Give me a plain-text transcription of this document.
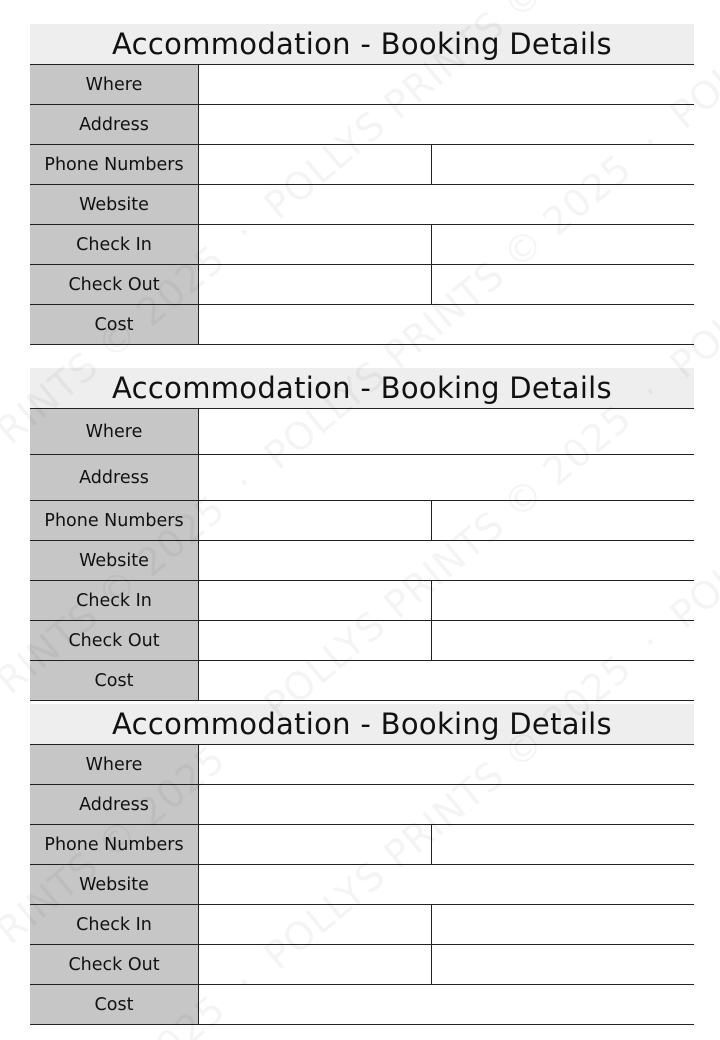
Accommodation - Booking Details
Where
Address
Phone Numbers
Website
Check In
Check Out
Cost
Accommodation - Booking Details
Where
Address
Phone Numbers
Website
Check In
Check Out
Cost
Accommodation - Booking Details
Where
Address
Phone Numbers
Website
Check In
Check Out
Cost
